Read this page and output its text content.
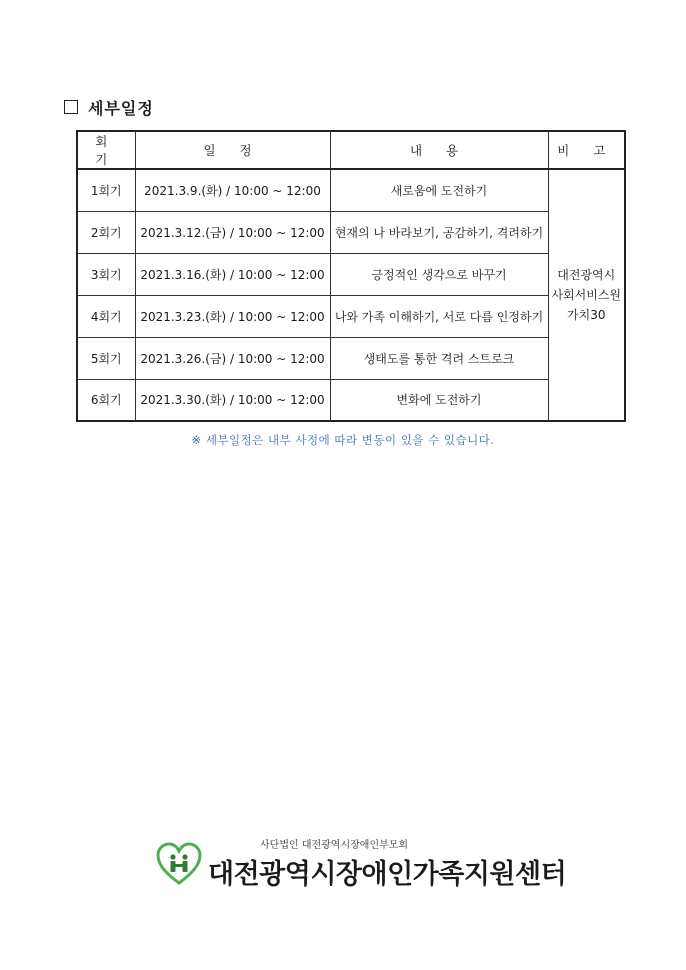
세부일정
회 기	일 정	내 용	비 고
1회기	2021.3.9.(화) / 10:00 ~ 12:00	새로움에 도전하기	대전광역시
사회서비스원
가치30

2회기	2021.3.12.(금) / 10:00 ~ 12:00	현재의 나 바라보기, 공감하기, 격려하기	
3회기	2021.3.16.(화) / 10:00 ~ 12:00	긍정적인 생각으로 바꾸기	
4회기	2021.3.23.(화) / 10:00 ~ 12:00	나와 가족 이해하기, 서로 다름 인정하기	
5회기	2021.3.26.(금) / 10:00 ~ 12:00	생태도를 통한 격려 스트로크	
6회기	2021.3.30.(화) / 10:00 ~ 12:00	변화에 도전하기	
※ 세부일정은 내부 사정에 따라 변동이 있을 수 있습니다.
사단법인 대전광역시장애인부모회
대전광역시장애인가족지원센터
